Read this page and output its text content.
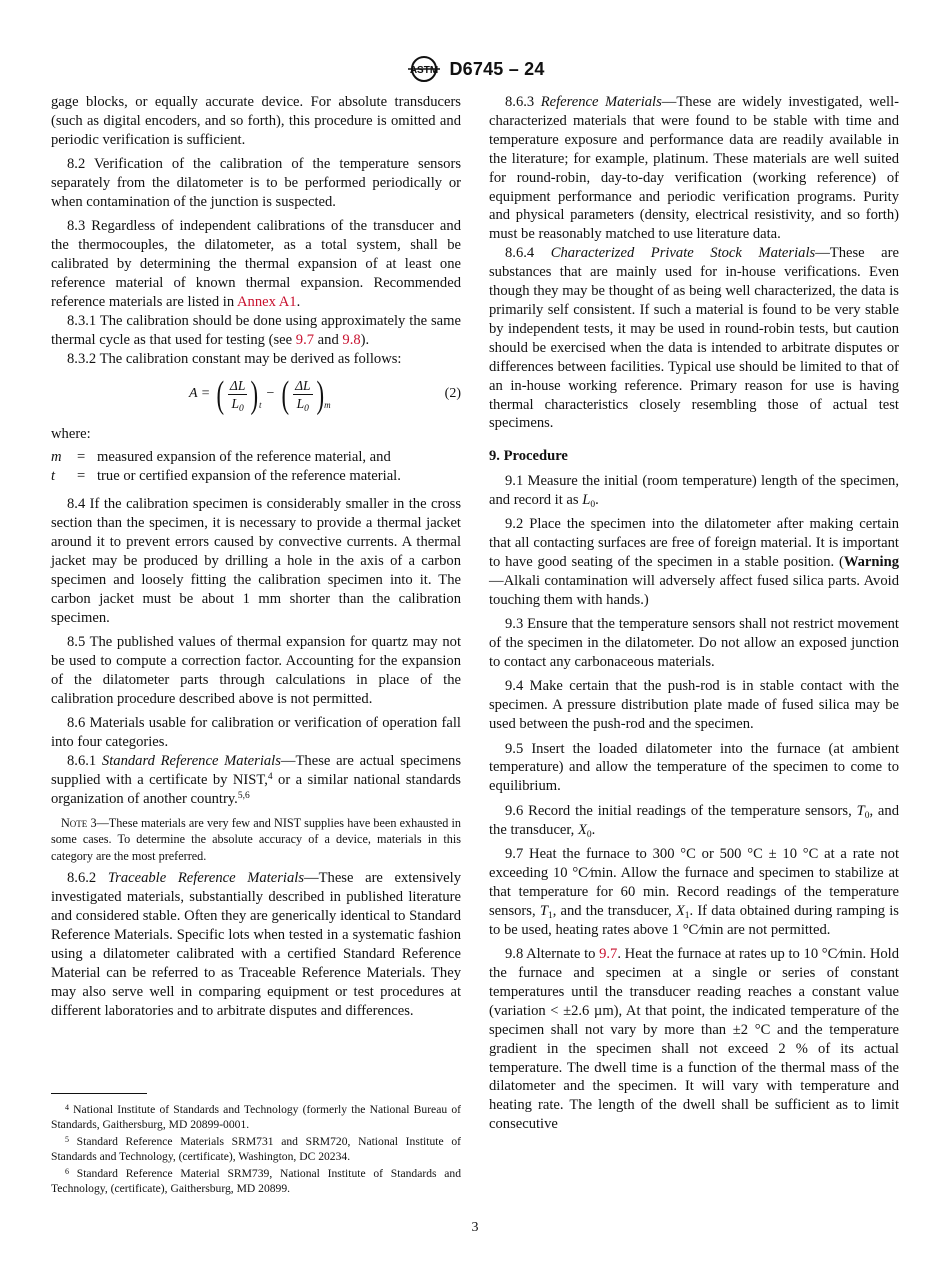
ASTM D6745 – 24

gage blocks, or equally accurate device. For absolute transducers (such as digital encoders, and so forth), this procedure is omitted and periodic verification is sufficient.

8.2 Verification of the calibration of the temperature sensors separately from the dilatometer is to be performed periodically or when contamination of the junction is suspected.

8.3 Regardless of independent calibrations of the transducer and the thermocouples, the dilatometer, as a total system, shall be calibrated by determining the thermal expansion of at least one reference material of known thermal expansion. Recommended reference materials are listed in Annex A1.

8.3.1 The calibration should be done using approximately the same thermal cycle as that used for testing (see 9.7 and 9.8).

8.3.2 The calibration constant may be derived as follows:

A = ( $\frac{\Delta L}{L_0}$ ) t
− ( $\frac{\Delta L}{L_0}$ ) m
(2)

where:

m	= measured expansion of the reference material, and
t	= true or certified expansion of the reference material.

8.4 If the calibration specimen is considerably smaller in the cross section than the specimen, it is necessary to provide a thermal jacket around it to prevent errors caused by convective currents. A thermal jacket may be produced by drilling a hole in the axis of a carbon specimen and loosely fitting the calibration specimen into it. The carbon jacket must be about 1 mm shorter than the calibration specimen.

8.5 The published values of thermal expansion for quartz may not be used to compute a correction factor. Accounting for the expansion of the dilatometer parts through calculations in place of the calibration procedure described above is not permitted.

8.6 Materials usable for calibration or verification of operation fall into four categories.

8.6.1 Standard Reference Materials—These are actual specimens supplied with a certificate by NIST,$^4$ or a similar national standards organization of another country.$^{5,6}$

Note 3—These materials are very few and NIST supplies have been exhausted in some cases. To determine the absolute accuracy of a device, materials in this category are the most preferred.

8.6.2 Traceable Reference Materials—These are extensively investigated materials, substantially described in published literature and considered stable. Often they are generically identical to Standard Reference Materials. Specific lots when tested in a systematic fashion using a dilatometer calibrated with a certified Standard Reference Material can be referred to as Traceable Reference Materials. They may also serve well in comparing equipment or test procedures at different laboratories and to arbitrate disputes and differences.

$^4$ National Institute of Standards and Technology (formerly the National Bureau of Standards, Gaithersburg, MD 20899-0001.

$^5$ Standard Reference Materials SRM731 and SRM720, National Institute of Standards and Technology, (certificate), Washington, DC 20234.

$^6$ Standard Reference Material SRM739, National Institute of Standards and Technology, (certificate), Gaithersburg, MD 20899.

8.6.3 Reference Materials—These are widely investigated, well-characterized materials that were found to be stable with time and temperature exposure and performance data are readily available in the literature; for example, platinum. These materials are well suited for round-robin, day-to-day verification (working reference) of equipment performance and periodic verification programs. Purity and physical parameters (density, electrical resistivity, and so forth) must be reasonably matched to use literature data.

8.6.4 Characterized Private Stock Materials—These are substances that are mainly used for in-house verifications. Even though they may be thought of as being well characterized, the data is primarily self consistent. If such a material is found to be very stable by independent tests, it may be used in round-robin tests, but caution should be exercised when the data is intended to arbitrate disputes or differences between facilities. Typical use should be limited to that of an in-house working reference. Primary reason for use is having thermal characteristics closely resembling those of actual test specimens.

9. Procedure

9.1 Measure the initial (room temperature) length of the specimen, and record it as $L_0$.

9.2 Place the specimen into the dilatometer after making certain that all contacting surfaces are free of foreign material. It is important to have good seating of the specimen in a stable position. (Warning—Alkali contamination will adversely affect fused silica parts. Avoid touching them with hands.)

9.3 Ensure that the temperature sensors shall not restrict movement of the specimen in the dilatometer. Do not allow an exposed junction to contact any carbonaceous materials.

9.4 Make certain that the push-rod is in stable contact with the specimen. A pressure distribution plate made of fused silica may be used between the push-rod and the specimen.

9.5 Insert the loaded dilatometer into the furnace (at ambient temperature) and allow the temperature of the specimen to come to equilibrium.

9.6 Record the initial readings of the temperature sensors, $T_0$, and the transducer, $X_0$.

9.7 Heat the furnace to 300 °C or 500 °C ± 10 °C at a rate not exceeding 10 °C⁄min. Allow the furnace and specimen to stabilize at that temperature for 60 min. Record readings of the temperature sensors, $T_1$, and the transducer, $X_1$. If data obtained during ramping is to be used, heating rates above 1 °C⁄min are not permitted.

9.8 Alternate to 9.7. Heat the furnace at rates up to 10 °C⁄min. Hold the furnace and specimen at a single or series of constant temperatures until the transducer reading reaches a constant value (variation < ±2.6 µm), At that point, the indicated temperature of the specimen shall not vary by more than ±2 °C and the temperature gradient in the specimen shall not exceed 2 % of its actual temperature. The dwell time is a function of the thermal mass of the dilatometer and the specimen. It will vary with temperature and heating rate. The length of the dwell shall be sufficient as to limit consecutive

3
